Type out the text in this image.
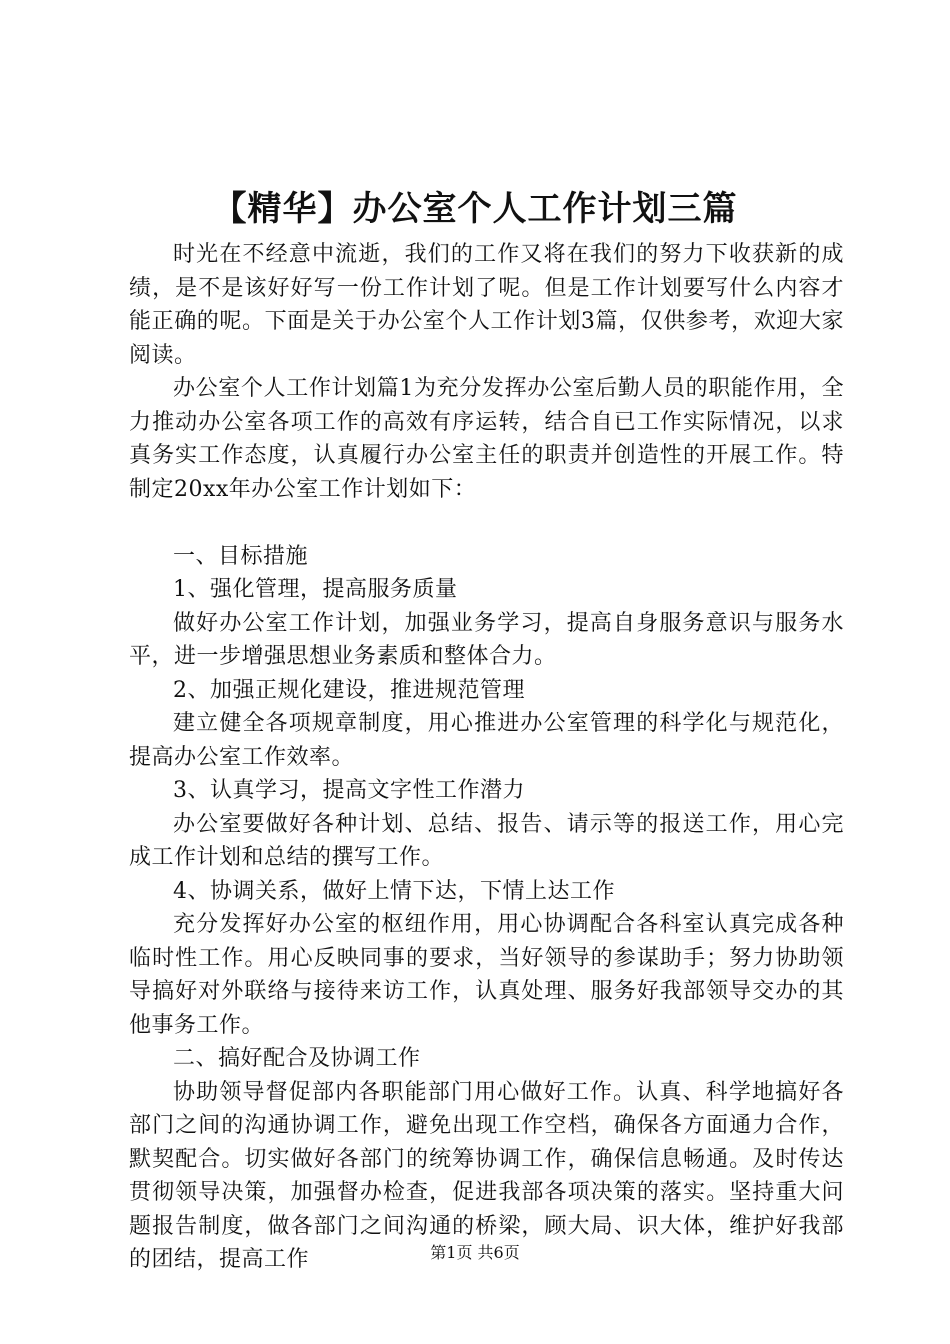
【精华】办公室个人工作计划三篇

时光在不经意中流逝，我们的工作又将在我们的努力下收获新的成绩，是不是该好好写一份工作计划了呢。但是工作计划要写什么内容才能正确的呢。下面是关于办公室个人工作计划3篇，仅供参考，欢迎大家阅读。

办公室个人工作计划篇1为充分发挥办公室后勤人员的职能作用，全力推动办公室各项工作的高效有序运转，结合自已工作实际情况，以求真务实工作态度，认真履行办公室主任的职责并创造性的开展工作。特制定20xx年办公室工作计划如下：

一、目标措施

1、强化管理，提高服务质量

做好办公室工作计划，加强业务学习，提高自身服务意识与服务水平，进一步增强思想业务素质和整体合力。

2、加强正规化建设，推进规范管理

建立健全各项规章制度，用心推进办公室管理的科学化与规范化，提高办公室工作效率。

3、认真学习，提高文字性工作潜力

办公室要做好各种计划、总结、报告、请示等的报送工作，用心完成工作计划和总结的撰写工作。

4、协调关系，做好上情下达，下情上达工作

充分发挥好办公室的枢纽作用，用心协调配合各科室认真完成各种临时性工作。用心反映同事的要求，当好领导的参谋助手；努力协助领导搞好对外联络与接待来访工作，认真处理、服务好我部领导交办的其他事务工作。

二、搞好配合及协调工作

协助领导督促部内各职能部门用心做好工作。认真、科学地搞好各部门之间的沟通协调工作，避免出现工作空档，确保各方面通力合作，默契配合。切实做好各部门的统筹协调工作，确保信息畅通。及时传达贯彻领导决策，加强督办检查，促进我部各项决策的落实。坚持重大问题报告制度，做各部门之间沟通的桥梁，顾大局、识大体，维护好我部的团结，提高工作	第1页 共6页
